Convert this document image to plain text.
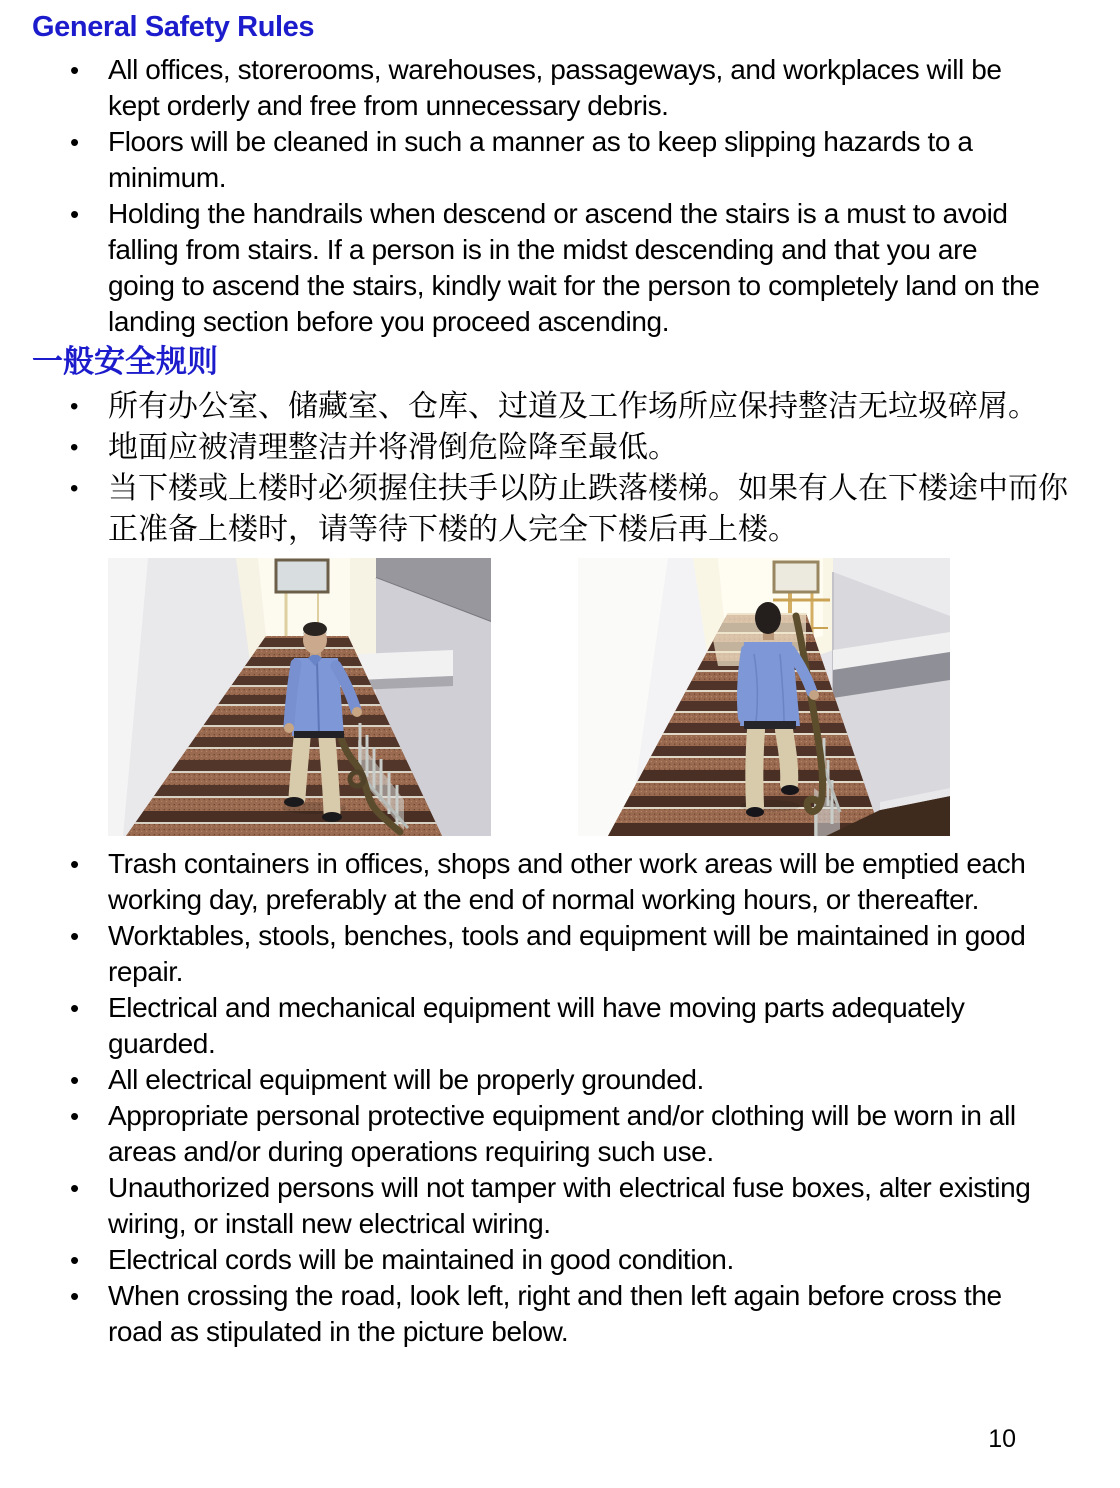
General Safety Rules
•	All offices, storerooms, warehouses, passageways, and workplaces will be kept orderly and free from unnecessary debris.
•	Floors will be cleaned in such a manner as to keep slipping hazards to a minimum.
•	Holding the handrails when descend or ascend the stairs is a must to avoid falling from stairs. If a person is in the midst descending and that you are going to ascend the stairs, kindly wait for the person to completely land on the landing section before you proceed ascending.
一般安全规则
• 所有办公室、储藏室、仓库、过道及工作场所应保持整洁无垃圾碎屑。
• 地面应被清理整洁并将滑倒危险降至最低。
• 当下楼或上楼时必须握住扶手以防止跌落楼梯。如果有人在下楼途中而你正准备上楼时，请等待下楼的人完全下楼后再上楼。
•	Trash containers in offices, shops and other work areas will be emptied each working day, preferably at the end of normal working hours, or thereafter.
•	Worktables, stools, benches, tools and equipment will be maintained in good repair.
•	Electrical and mechanical equipment will have moving parts adequately guarded.
•	All electrical equipment will be properly grounded.
•	Appropriate personal protective equipment and/or clothing will be worn in all areas and/or during operations requiring such use.
•	Unauthorized persons will not tamper with electrical fuse boxes, alter existing wiring, or install new electrical wiring.
•	Electrical cords will be maintained in good condition.
•	When crossing the road, look left, right and then left again before cross the road as stipulated in the picture below.
10
